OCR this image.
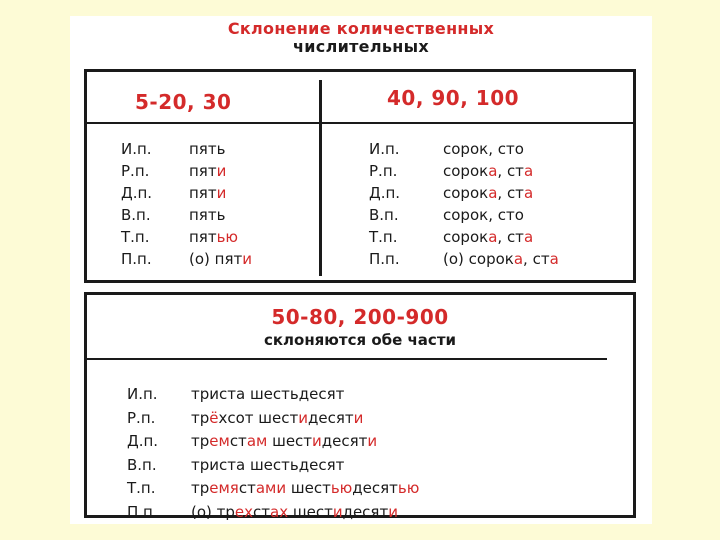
Склонение количественных
числительных
5-20, 30	40, 90, 100
И.п.	пять
Р.п.	пяти
Д.п.	пяти
В.п.	пять
Т.п.	пятью
П.п.	(о) пяти
И.п.	сорок, сто
Р.п.	сорока, ста
Д.п.	сорока, ста
В.п.	сорок, сто
Т.п.	сорока, ста
П.п.	(о) сорока, ста
50-80, 200-900
склоняются обе части
И.п.	триста шестьдесят
Р.п.	трёхсот шестидесяти
Д.п.	тремстам шестидесяти
В.п.	триста шестьдесят
Т.п.	тремястами шестьюдесятью
П.п.	(о) трехстах шестидесяти
